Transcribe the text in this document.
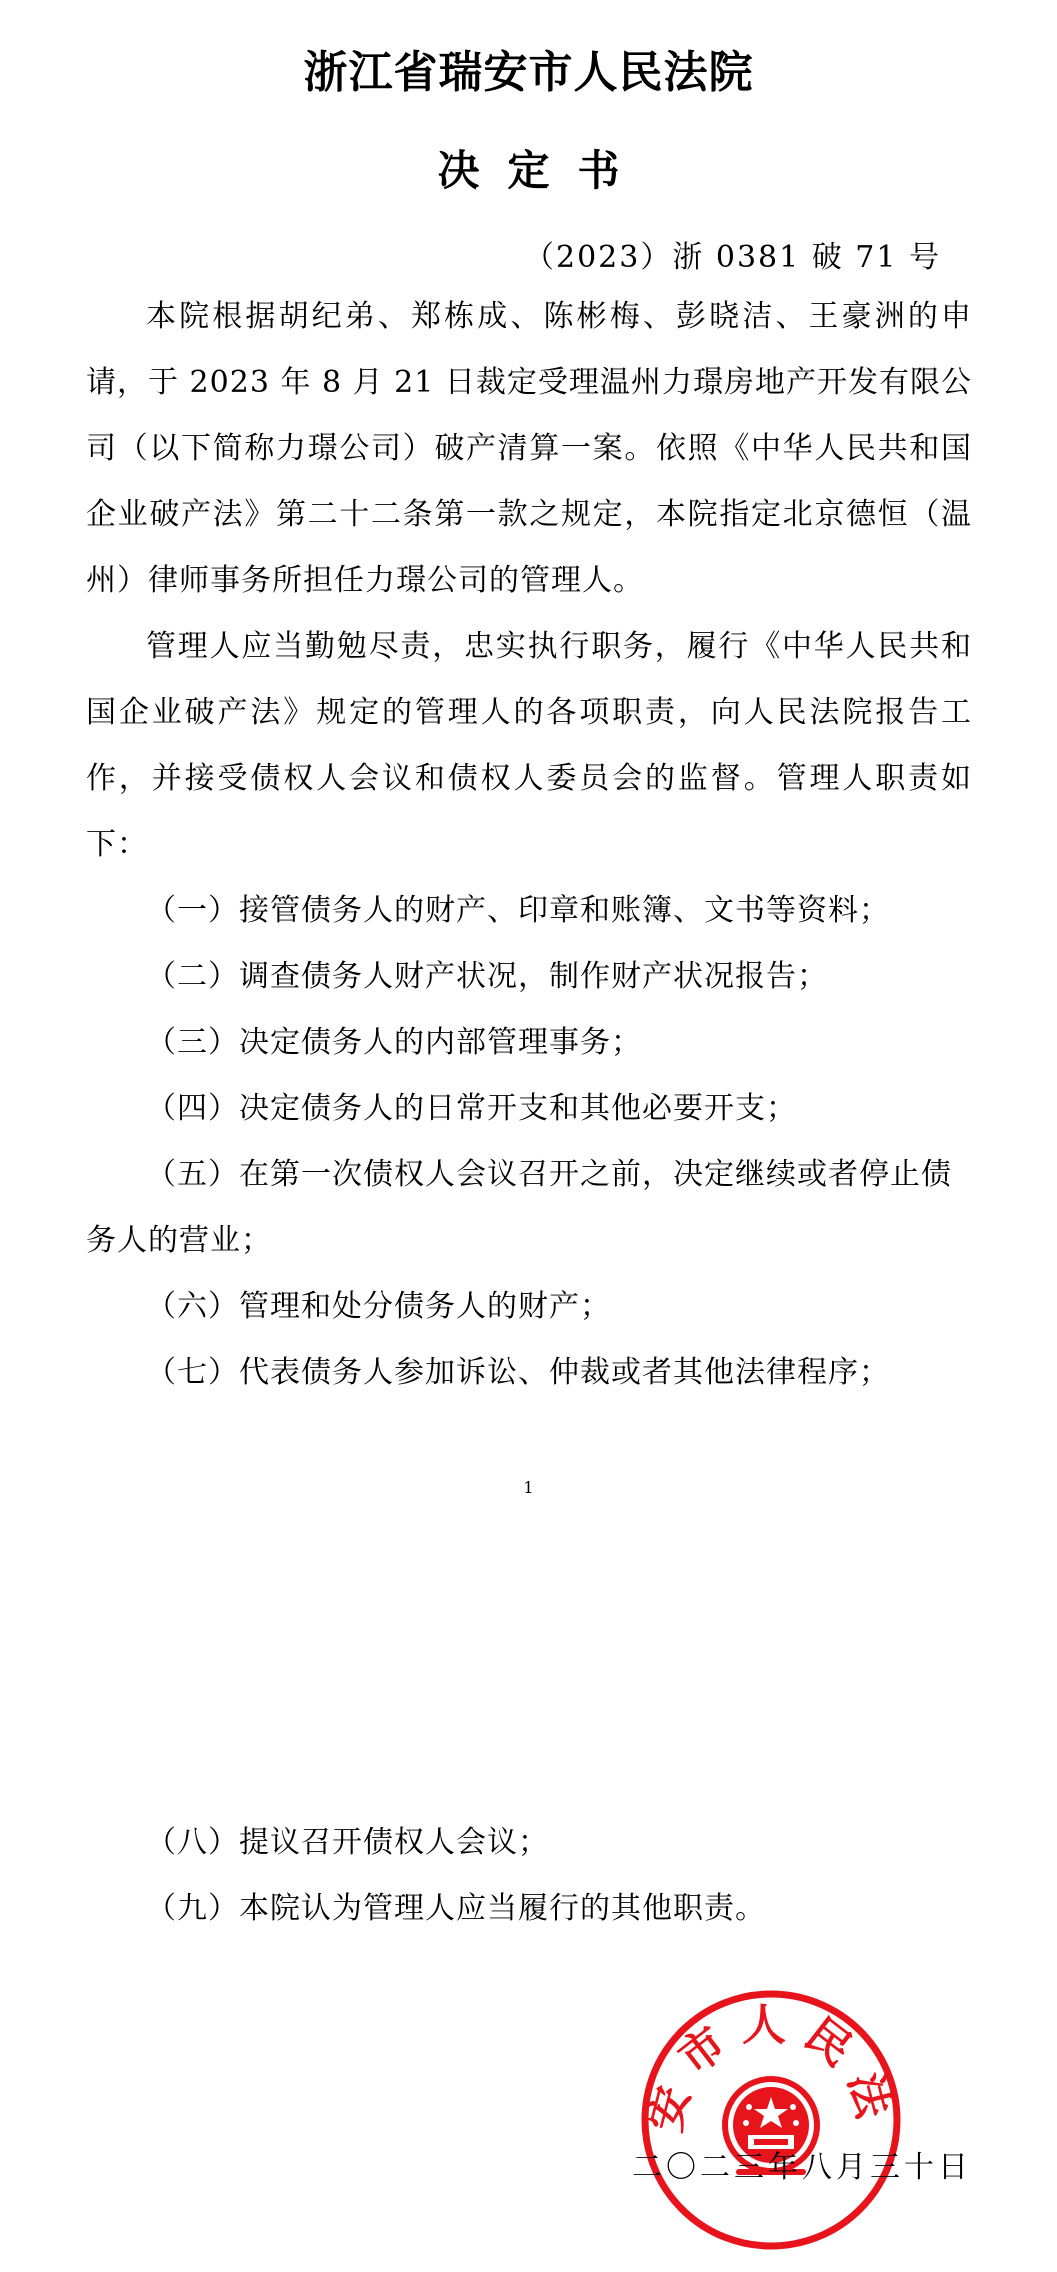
浙江省瑞安市人民法院
决定书
（2023）浙 0381 破 71 号

本院根据胡纪弟、郑栋成、陈彬梅、彭晓洁、王豪洲的申请，于 2023 年 8 月 21 日裁定受理温州力璟房地产开发有限公司（以下简称力璟公司）破产清算一案。依照《中华人民共和国企业破产法》第二十二条第一款之规定，本院指定北京德恒（温州）律师事务所担任力璟公司的管理人。

管理人应当勤勉尽责，忠实执行职务，履行《中华人民共和国企业破产法》规定的管理人的各项职责，向人民法院报告工作，并接受债权人会议和债权人委员会的监督。管理人职责如下：

（一）接管债务人的财产、印章和账簿、文书等资料；

（二）调查债务人财产状况，制作财产状况报告；

（三）决定债务人的内部管理事务；

（四）决定债务人的日常开支和其他必要开支；

（五）在第一次债权人会议召开之前，决定继续或者停止债务人的营业；

（六）管理和处分债务人的财产；

（七）代表债务人参加诉讼、仲裁或者其他法律程序；

1

（八）提议召开债权人会议；

（九）本院认为管理人应当履行的其他职责。

安市人民法
二〇二三年八月三十日
